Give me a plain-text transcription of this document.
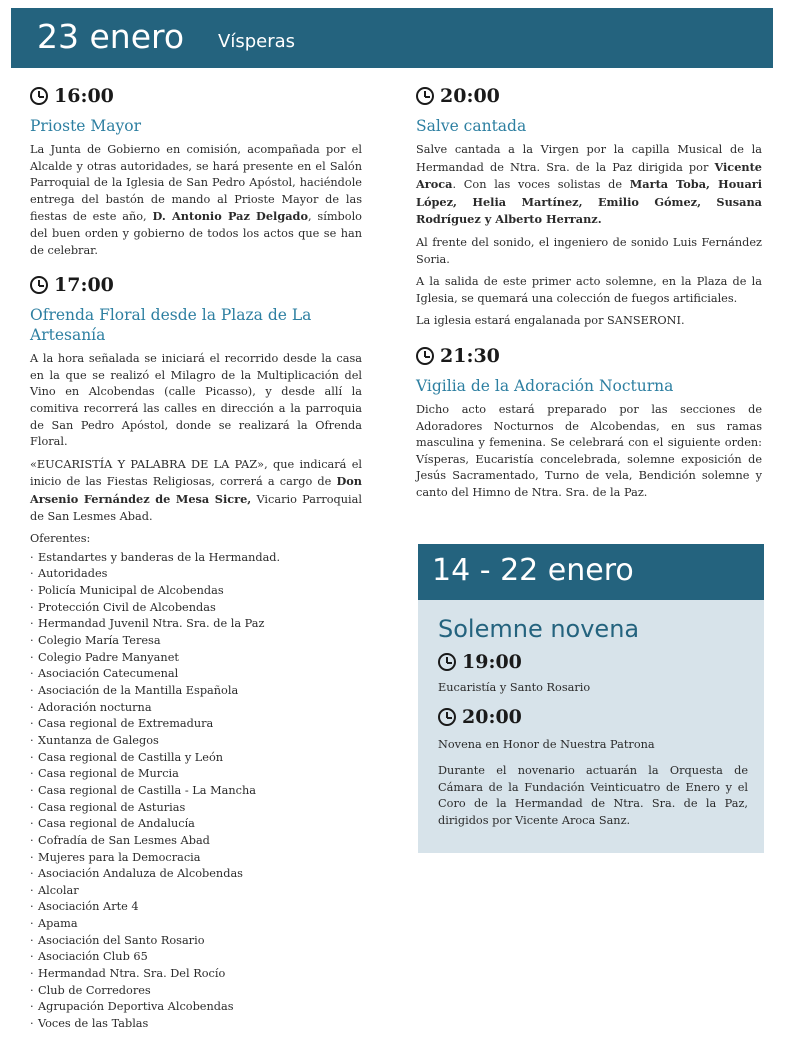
23 enero Vísperas
16:00
Prioste Mayor

La Junta de Gobierno en comisión, acompañada por el Alcalde y otras autoridades, se hará presente en el Salón Parroquial de la Iglesia de San Pedro Apóstol, haciéndole entrega del bastón de mando al Prioste Mayor de las fiestas de este año, D. Antonio Paz Delgado, símbolo del buen orden y gobierno de todos los actos que se han de celebrar.

17:00
Ofrenda Floral desde la Plaza de La Artesanía

A la hora señalada se iniciará el recorrido desde la casa en la que se realizó el Milagro de la Multiplicación del Vino en Alcobendas (calle Picasso), y desde allí la comitiva recorrerá las calles en dirección a la parroquia de San Pedro Apóstol, donde se realizará la Ofrenda Floral.

«EUCARISTÍA Y PALABRA DE LA PAZ», que indicará el inicio de las Fiestas Religiosas, correrá a cargo de Don Arsenio Fernández de Mesa Sicre, Vicario Parroquial de San Lesmes Abad.

Oferentes:

· Estandartes y banderas de la Hermandad.
· Autoridades
· Policía Municipal de Alcobendas
· Protección Civil de Alcobendas
· Hermandad Juvenil Ntra. Sra. de la Paz
· Colegio María Teresa
· Colegio Padre Manyanet
· Asociación Catecumenal
· Asociación de la Mantilla Española
· Adoración nocturna
· Casa regional de Extremadura
· Xuntanza de Galegos
· Casa regional de Castilla y León
· Casa regional de Murcia
· Casa regional de Castilla - La Mancha
· Casa regional de Asturias
· Casa regional de Andalucía
· Cofradía de San Lesmes Abad
· Mujeres para la Democracia
· Asociación Andaluza de Alcobendas
· Alcolar
· Asociación Arte 4
· Apama
· Asociación del Santo Rosario
· Asociación Club 65
· Hermandad Ntra. Sra. Del Rocío
· Club de Corredores
· Agrupación Deportiva Alcobendas
· Voces de las Tablas
20:00
Salve cantada

Salve cantada a la Virgen por la capilla Musical de la Hermandad de Ntra. Sra. de la Paz dirigida por Vicente Aroca. Con las voces solistas de Marta Toba, Houari López, Helia Martínez, Emilio Gómez, Susana Rodríguez y Alberto Herranz.

Al frente del sonido, el ingeniero de sonido Luis Fernández Soria.

A la salida de este primer acto solemne, en la Plaza de la Iglesia, se quemará una colección de fuegos artificiales.

La iglesia estará engalanada por SANSERONI.

21:30
Vigilia de la Adoración Nocturna

Dicho acto estará preparado por las secciones de Adoradores Nocturnos de Alcobendas, en sus ramas masculina y femenina. Se celebrará con el siguiente orden: Vísperas, Eucaristía concelebrada, solemne exposición de Jesús Sacramentado, Turno de vela, Bendición solemne y canto del Himno de Ntra. Sra. de la Paz.

14 - 22 enero
Solemne novena
19:00

Eucaristía y Santo Rosario

20:00

Novena en Honor de Nuestra Patrona

Durante el novenario actuarán la Orquesta de Cámara de la Fundación Veinticuatro de Enero y el Coro de la Hermandad de Ntra. Sra. de la Paz, dirigidos por Vicente Aroca Sanz.
